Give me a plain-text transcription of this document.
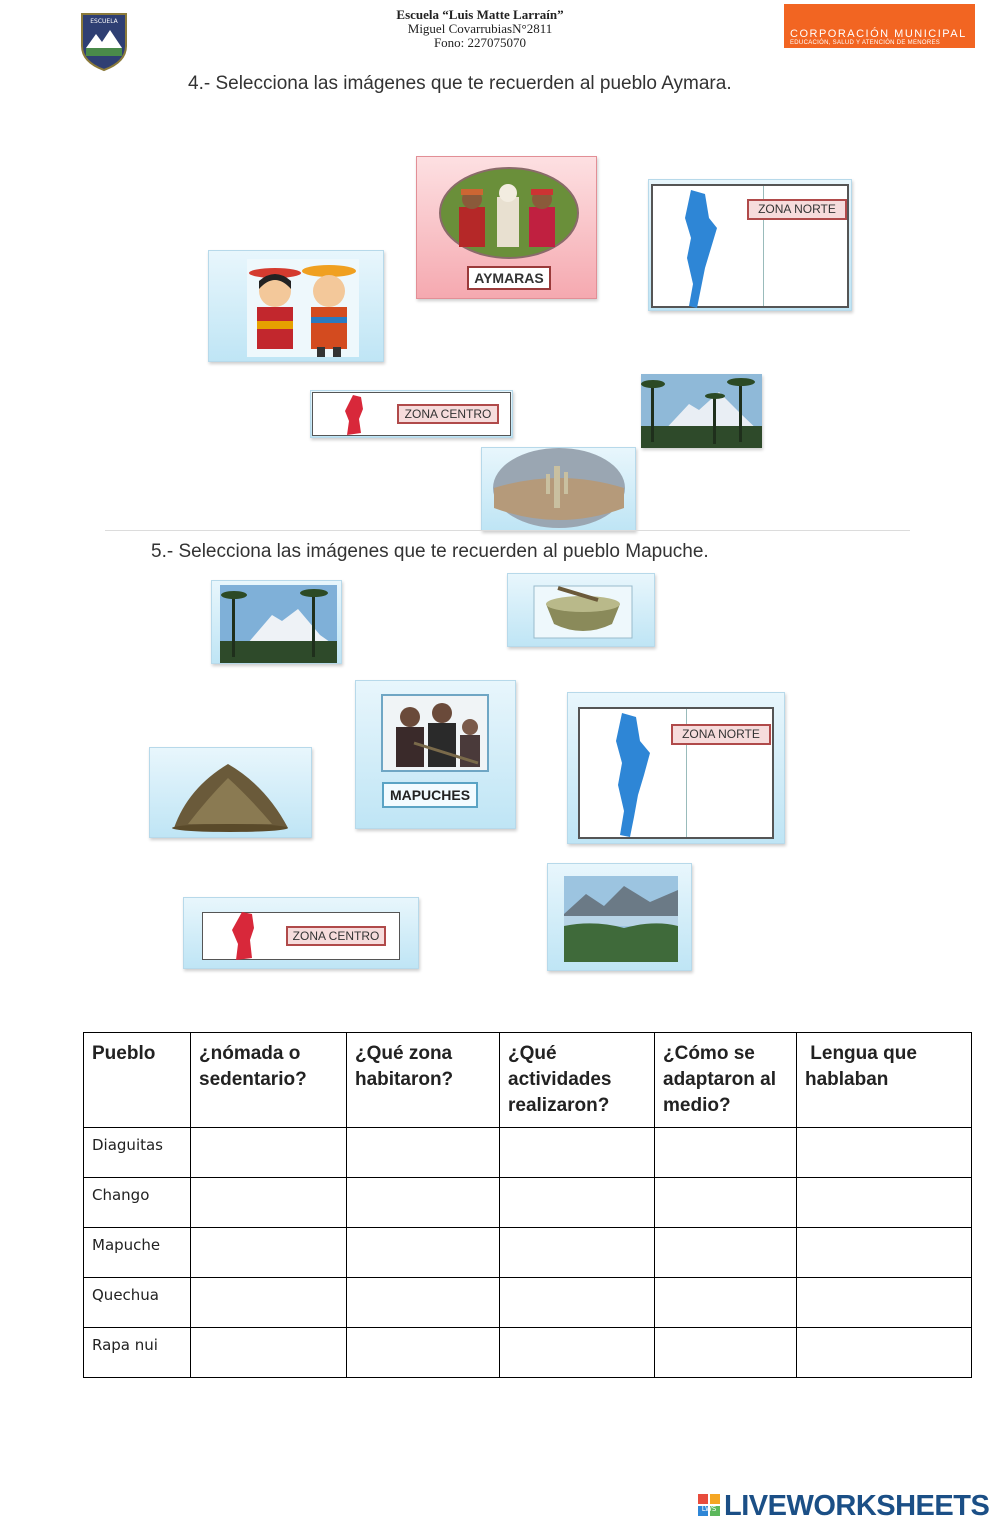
ESCUELA	Escuela “Luis Matte Larraín”
Miguel CovarrubiasN°2811
Fono: 227075070
CORPORACIÓN MUNICIPAL
EDUCACIÓN, SALUD Y ATENCIÓN DE MENORES
4.- Selecciona las imágenes que te recuerden al pueblo Aymara.
AYMARAS
ZONA NORTE
ZONA CENTRO
5.- Selecciona las imágenes que te recuerden al pueblo Mapuche.
MAPUCHES
ZONA NORTE
ZONA CENTRO
Pueblo	¿nómada o sedentario?	¿Qué zona habitaron?	¿Qué actividades realizaron?	¿Cómo se adaptaron al medio?	Lengua que hablaban
Diaguitas					
Chango					
Mapuche					
Quechua					
Rapa nui					
LWS LIVEWORKSHEETS
